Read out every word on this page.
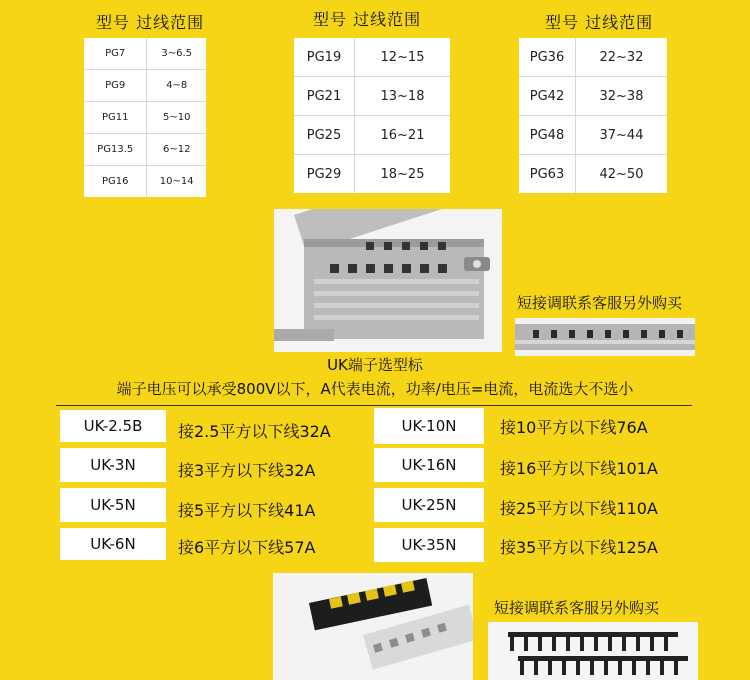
型号 过线范围	型号 过线范围	型号 过线范围
PG7	3~6.5
PG9	4~8
PG11	5~10
PG13.5	6~12
PG16	10~14
PG19	12~15
PG21	13~18
PG25	16~21
PG29	18~25
PG36	22~32
PG42	32~38
PG48	37~44
PG63	42~50
短接调联系客服另外购买
UK端子选型标
端子电压可以承受800V以下，A代表电流，功率/电压=电流，电流选大不选小
UK-2.5B	接2.5平方以下线32A
UK-3N	接3平方以下线32A
UK-5N	接5平方以下线41A
UK-6N	接6平方以下线57A
UK-10N	接10平方以下线76A
UK-16N	接16平方以下线101A
UK-25N	接25平方以下线110A
UK-35N	接35平方以下线125A
短接调联系客服另外购买
